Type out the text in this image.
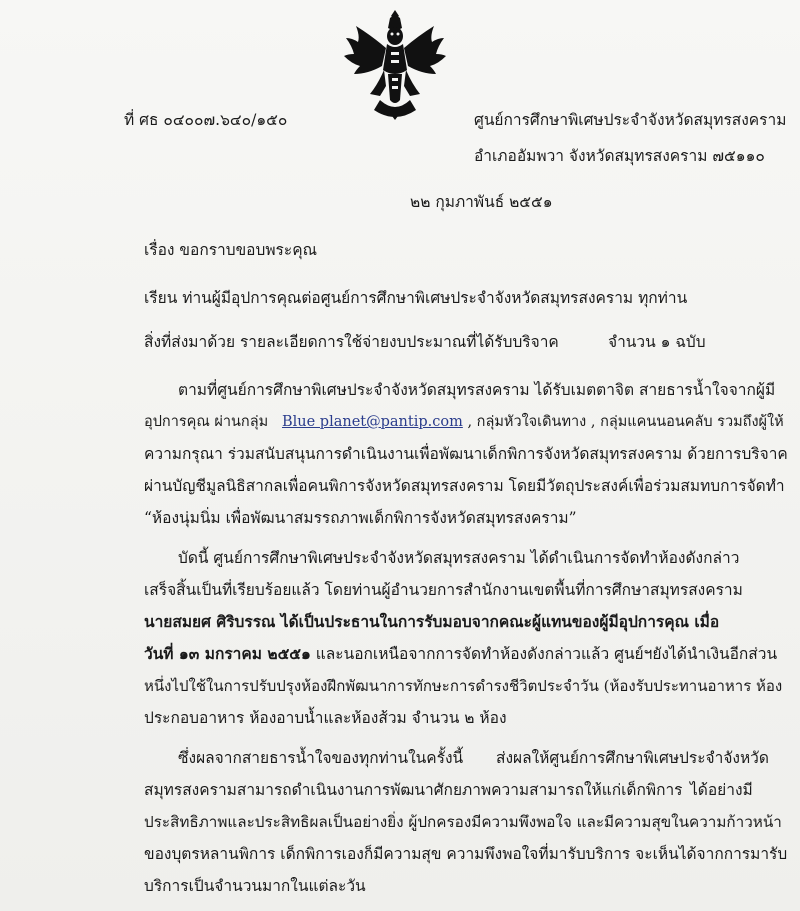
ที่ ศธ ๐๔๐๐๗.๖๔๐/๑๕๐	ศูนย์การศึกษาพิเศษประจำจังหวัดสมุทรสงคราม
อำเภออัมพวา จังหวัดสมุทรสงคราม ๗๕๑๑๐
๒๒ กุมภาพันธ์ ๒๕๕๑
เรื่อง ขอกราบขอบพระคุณ
เรียน ท่านผู้มีอุปการคุณต่อศูนย์การศึกษาพิเศษประจำจังหวัดสมุทรสงคราม ทุกท่าน
สิ่งที่ส่งมาด้วย รายละเอียดการใช้จ่ายงบประมาณที่ได้รับบริจาค	จำนวน ๑ ฉบับ
ตามที่ศูนย์การศึกษาพิเศษประจำจังหวัดสมุทรสงคราม ได้รับเมตตาจิต สายธารน้ำใจจากผู้มี
อุปการคุณ ผ่านกลุ่ม Blue planet@pantip.com , กลุ่มหัวใจเดินทาง , กลุ่มแคนนอนคลับ รวมถึงผู้ให้
ความกรุณา ร่วมสนับสนุนการดำเนินงานเพื่อพัฒนาเด็กพิการจังหวัดสมุทรสงคราม ด้วยการบริจาค
ผ่านบัญชีมูลนิธิสากลเพื่อคนพิการจังหวัดสมุทรสงคราม โดยมีวัตถุประสงค์เพื่อร่วมสมทบการจัดทำ
“ห้องนุ่มนิ่ม เพื่อพัฒนาสมรรถภาพเด็กพิการจังหวัดสมุทรสงคราม”
บัดนี้ ศูนย์การศึกษาพิเศษประจำจังหวัดสมุทรสงคราม ได้ดำเนินการจัดทำห้องดังกล่าว
เสร็จสิ้นเป็นที่เรียบร้อยแล้ว โดยท่านผู้อำนวยการสำนักงานเขตพื้นที่การศึกษาสมุทรสงคราม
นายสมยศ ศิริบรรณ ได้เป็นประธานในการรับมอบจากคณะผู้แทนของผู้มีอุปการคุณ เมื่อ
วันที่ ๑๓ มกราคม ๒๕๕๑ และนอกเหนือจากการจัดทำห้องดังกล่าวแล้ว ศูนย์ฯยังได้นำเงินอีกส่วน
หนึ่งไปใช้ในการปรับปรุงห้องฝึกพัฒนาการทักษะการดำรงชีวิตประจำวัน (ห้องรับประทานอาหาร ห้อง
ประกอบอาหาร ห้องอาบน้ำและห้องส้วม จำนวน ๒ ห้อง
ซึ่งผลจากสายธารน้ำใจของทุกท่านในครั้งนี้ ส่งผลให้ศูนย์การศึกษาพิเศษประจำจังหวัด
สมุทรสงครามสามารถดำเนินงานการพัฒนาศักยภาพความสามารถให้แก่เด็กพิการ ได้อย่างมี
ประสิทธิภาพและประสิทธิผลเป็นอย่างยิ่ง ผู้ปกครองมีความพึงพอใจ และมีความสุขในความก้าวหน้า
ของบุตรหลานพิการ เด็กพิการเองก็มีความสุข ความพึงพอใจที่มารับบริการ จะเห็นได้จากการมารับ
บริการเป็นจำนวนมากในแต่ละวัน
